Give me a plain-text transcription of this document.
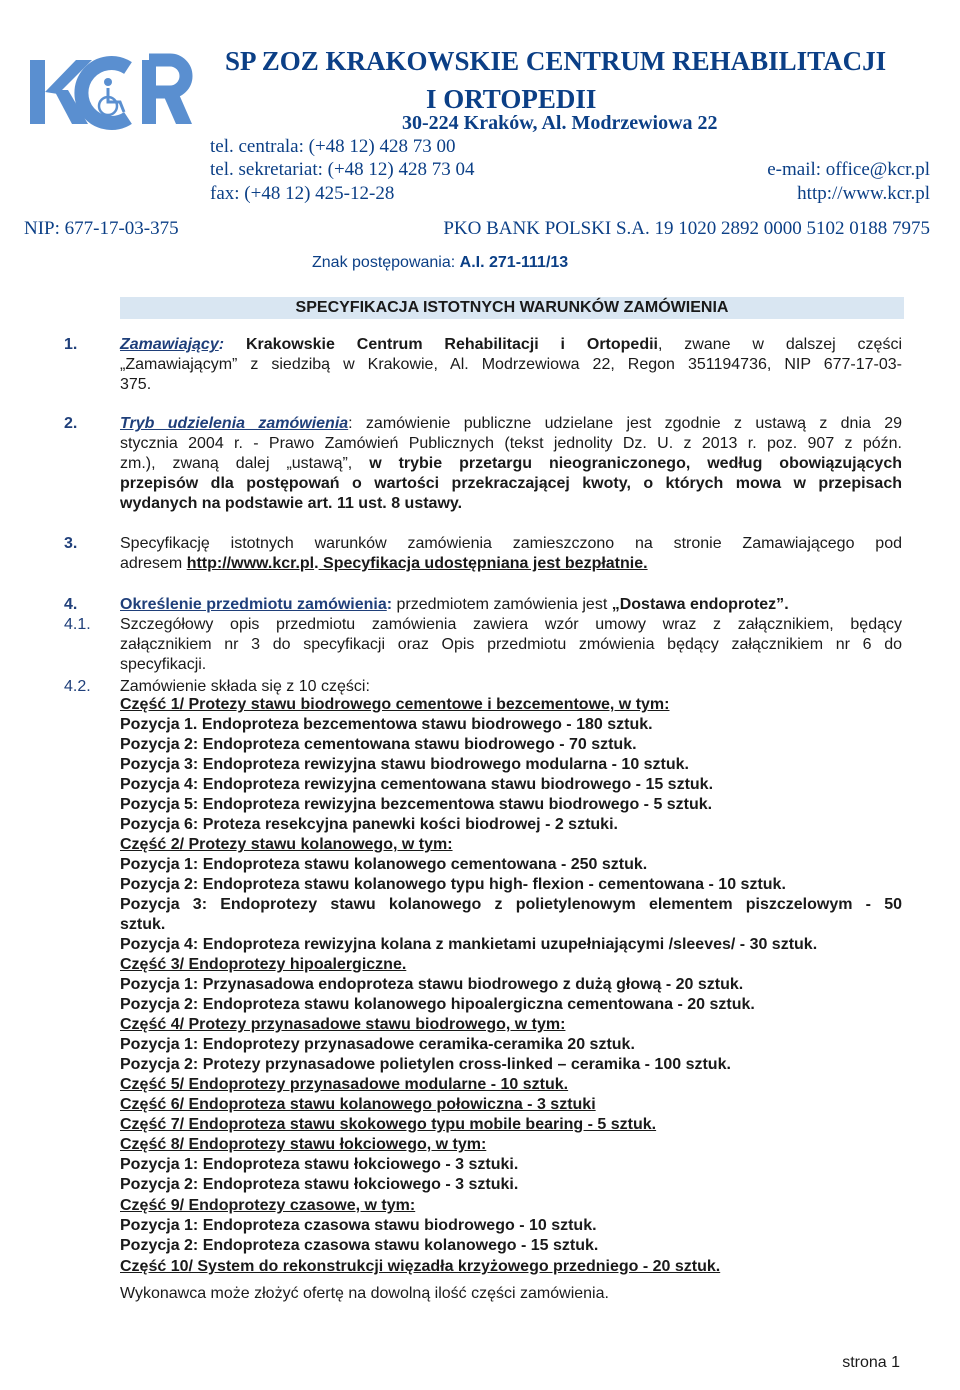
SP ZOZ KRAKOWSKIE CENTRUM REHABILITACJI
I ORTOPEDII
30-224 Kraków, Al. Modrzewiowa 22
tel. centrala: (+48 12) 428 73 00
tel. sekretariat: (+48 12) 428 73 04
fax: (+48 12) 425-12-28
e-mail: office@kcr.pl
http://www.kcr.pl
NIP: 677-17-03-375	PKO BANK POLSKI S.A. 19 1020 2892 0000 5102 0188 7975
Znak postępowania: A.I. 271-111/13
SPECYFIKACJA ISTOTNYCH WARUNKÓW ZAMÓWIENIA
1.	Zamawiający: Krakowskie Centrum Rehabilitacji i Ortopedii, zwane w dalszej części
„Zamawiającym” z siedzibą w Krakowie, Al. Modrzewiowa 22, Regon 351194736, NIP 677-17-03-
375.
2.	Tryb udzielenia zamówienia: zamówienie publiczne udzielane jest zgodnie z ustawą z dnia 29
stycznia 2004 r. - Prawo Zamówień Publicznych (tekst jednolity Dz. U. z 2013 r. poz. 907 z późn.
zm.), zwaną dalej „ustawą”, w trybie przetargu nieograniczonego, według obowiązujących
przepisów dla postępowań o wartości przekraczającej kwoty, o których mowa w przepisach
wydanych na podstawie art. 11 ust. 8 ustawy.
3.	Specyfikację istotnych warunków zamówienia zamieszczono na stronie Zamawiającego pod
adresem http://www.kcr.pl. Specyfikacja udostępniana jest bezpłatnie.
4.	Określenie przedmiotu zamówienia: przedmiotem zamówienia jest „Dostawa endoprotez”.
4.1. Szczegółowy opis przedmiotu zamówienia zawiera wzór umowy wraz z załącznikiem, będący
załącznikiem nr 3 do specyfikacji oraz Opis przedmiotu zmówienia będący załącznikiem nr 6 do
specyfikacji.
4.2. Zamówienie składa się z 10 części:
Część 1/ Protezy stawu biodrowego cementowe i bezcementowe, w tym:
Pozycja 1. Endoproteza bezcementowa stawu biodrowego - 180 sztuk.
Pozycja 2: Endoproteza cementowana stawu biodrowego - 70 sztuk.
Pozycja 3: Endoproteza rewizyjna stawu biodrowego modularna - 10 sztuk.
Pozycja 4: Endoproteza rewizyjna cementowana stawu biodrowego - 15 sztuk.
Pozycja 5: Endoproteza rewizyjna bezcementowa stawu biodrowego - 5 sztuk.
Pozycja 6: Proteza resekcyjna panewki kości biodrowej - 2 sztuki.
Część 2/ Protezy stawu kolanowego, w tym:
Pozycja 1: Endoproteza stawu kolanowego cementowana - 250 sztuk.
Pozycja 2: Endoproteza stawu kolanowego typu high- flexion - cementowana - 10 sztuk.
Pozycja 3: Endoprotezy stawu kolanowego z polietylenowym elementem piszczelowym - 50
sztuk.
Pozycja 4: Endoproteza rewizyjna kolana z mankietami uzupełniającymi /sleeves/ - 30 sztuk.
Część 3/ Endoprotezy hipoalergiczne.
Pozycja 1: Przynasadowa endoproteza stawu biodrowego z dużą głową - 20 sztuk.
Pozycja 2: Endoproteza stawu kolanowego hipoalergiczna cementowana - 20 sztuk.
Część 4/ Protezy przynasadowe stawu biodrowego, w tym:
Pozycja 1: Endoprotezy przynasadowe ceramika-ceramika 20 sztuk.
Pozycja 2: Protezy przynasadowe polietylen cross-linked – ceramika - 100 sztuk.
Część 5/ Endoprotezy przynasadowe modularne - 10 sztuk.
Część 6/ Endoproteza stawu kolanowego połowiczna - 3 sztuki
Część 7/ Endoproteza stawu skokowego typu mobile bearing - 5 sztuk.
Część 8/ Endoprotezy stawu łokciowego, w tym:
Pozycja 1: Endoproteza stawu łokciowego - 3 sztuki.
Pozycja 2: Endoproteza stawu łokciowego - 3 sztuki.
Część 9/ Endoprotezy czasowe, w tym:
Pozycja 1: Endoproteza czasowa stawu biodrowego - 10 sztuk.
Pozycja 2: Endoproteza czasowa stawu kolanowego - 15 sztuk.
Część 10/ System do rekonstrukcji więzadła krzyżowego przedniego - 20 sztuk.
Wykonawca może złożyć ofertę na dowolną ilość części zamówienia.
strona 1
